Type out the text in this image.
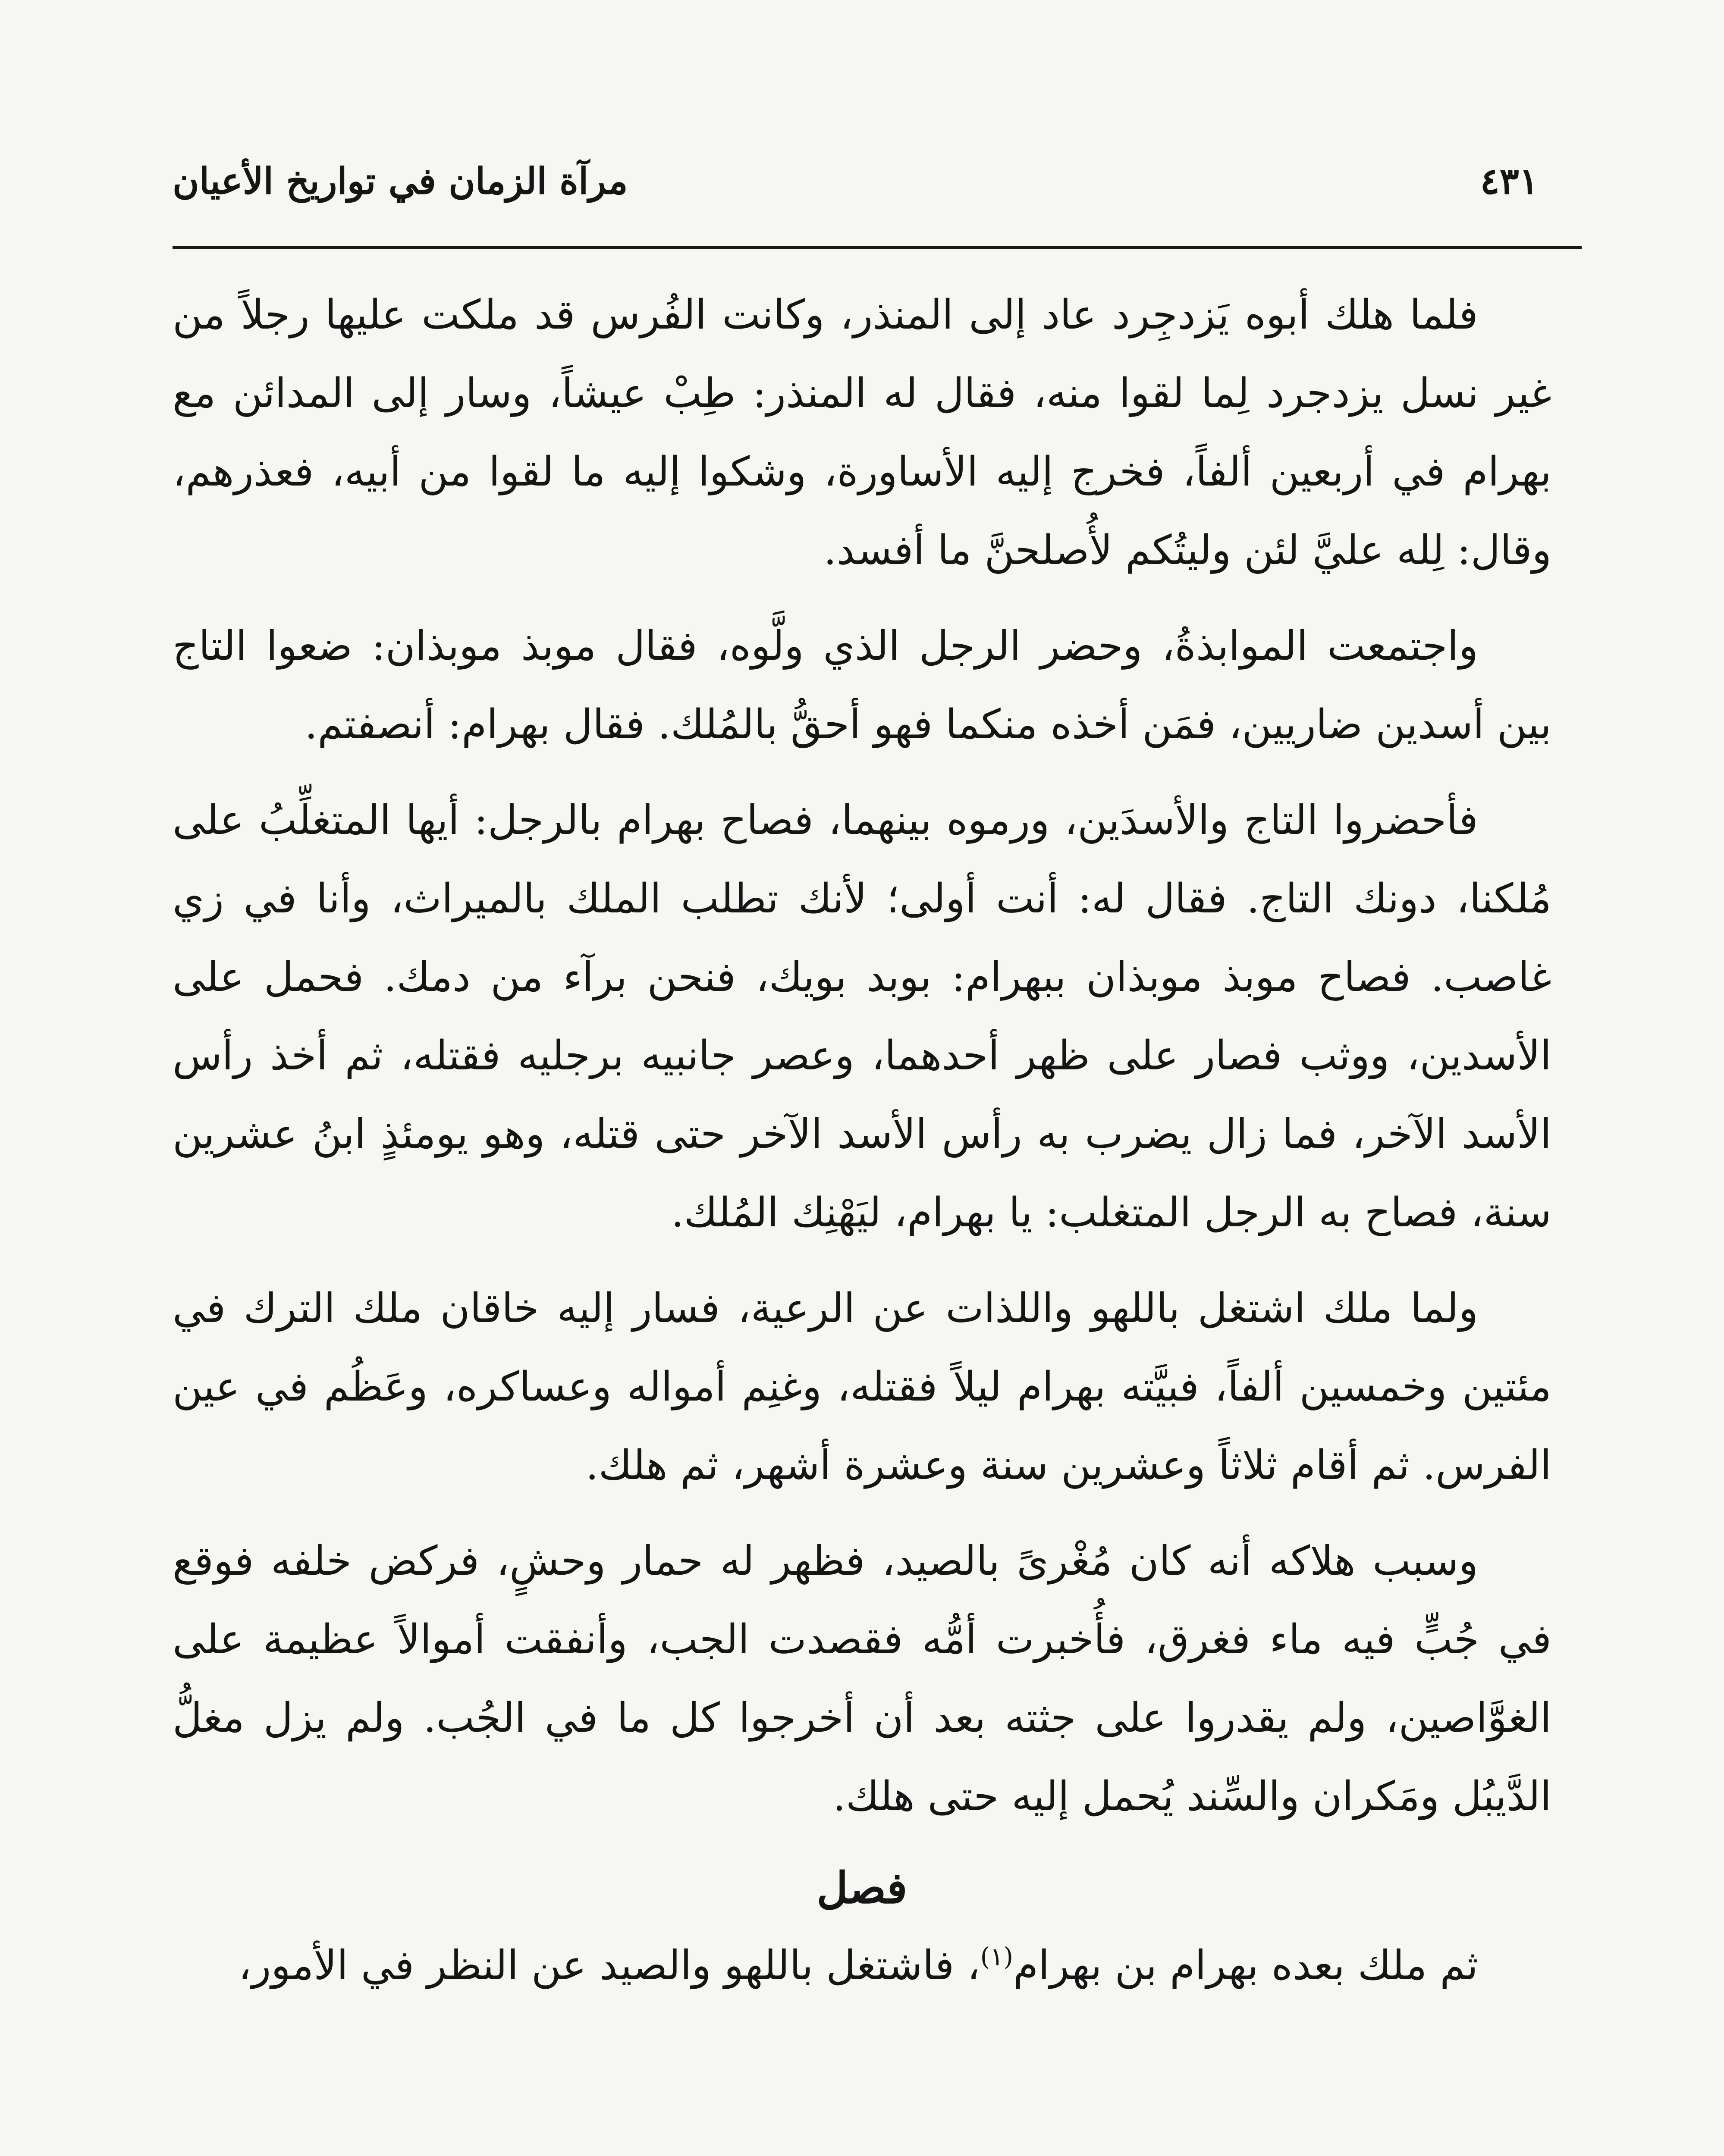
٤٣١
مرآة الزمان في تواريخ الأعيان

فلما هلك أبوه يَزدجِرد عاد إلى المنذر، وكانت الفُرس قد ملكت عليها رجلاً من غير نسل يزدجرد لِما لقوا منه، فقال له المنذر: طِبْ عيشاً، وسار إلى المدائن مع بهرام في أربعين ألفاً، فخرج إليه الأساورة، وشكوا إليه ما لقوا من أبيه، فعذرهم، وقال: لِله عليَّ لئن وليتُكم لأُصلحنَّ ما أفسد.

واجتمعت الموابذةُ، وحضر الرجل الذي ولَّوه، فقال موبذ موبذان: ضعوا التاج بين أسدين ضاريين، فمَن أخذه منكما فهو أحقُّ بالمُلك. فقال بهرام: أنصفتم.

فأحضروا التاج والأسدَين، ورموه بينهما، فصاح بهرام بالرجل: أيها المتغلِّبُ على مُلكنا، دونك التاج. فقال له: أنت أولى؛ لأنك تطلب الملك بالميراث، وأنا في زي غاصب. فصاح موبذ موبذان ببهرام: بوبد بويك، فنحن برآء من دمك. فحمل على الأسدين، ووثب فصار على ظهر أحدهما، وعصر جانبيه برجليه فقتله، ثم أخذ رأس الأسد الآخر، فما زال يضرب به رأس الأسد الآخر حتى قتله، وهو يومئذٍ ابنُ عشرين سنة، فصاح به الرجل المتغلب: يا بهرام، ليَهْنِك المُلك.

ولما ملك اشتغل باللهو واللذات عن الرعية، فسار إليه خاقان ملك الترك في مئتين وخمسين ألفاً، فبيَّته بهرام ليلاً فقتله، وغنِم أمواله وعساكره، وعَظُم في عين الفرس. ثم أقام ثلاثاً وعشرين سنة وعشرة أشهر، ثم هلك.

وسبب هلاكه أنه كان مُغْرىً بالصيد، فظهر له حمار وحشٍ، فركض خلفه فوقع في جُبٍّ فيه ماء فغرق، فأُخبرت أمُّه فقصدت الجب، وأنفقت أموالاً عظيمة على الغوَّاصين، ولم يقدروا على جثته بعد أن أخرجوا كل ما في الجُب. ولم يزل مغلُّ الدَّيبُل ومَكران والسِّند يُحمل إليه حتى هلك.

فصل

ثم ملك بعده بهرام بن بهرام$^{(١)}$، فاشتغل باللهو والصيد عن النظر في الأمور،
